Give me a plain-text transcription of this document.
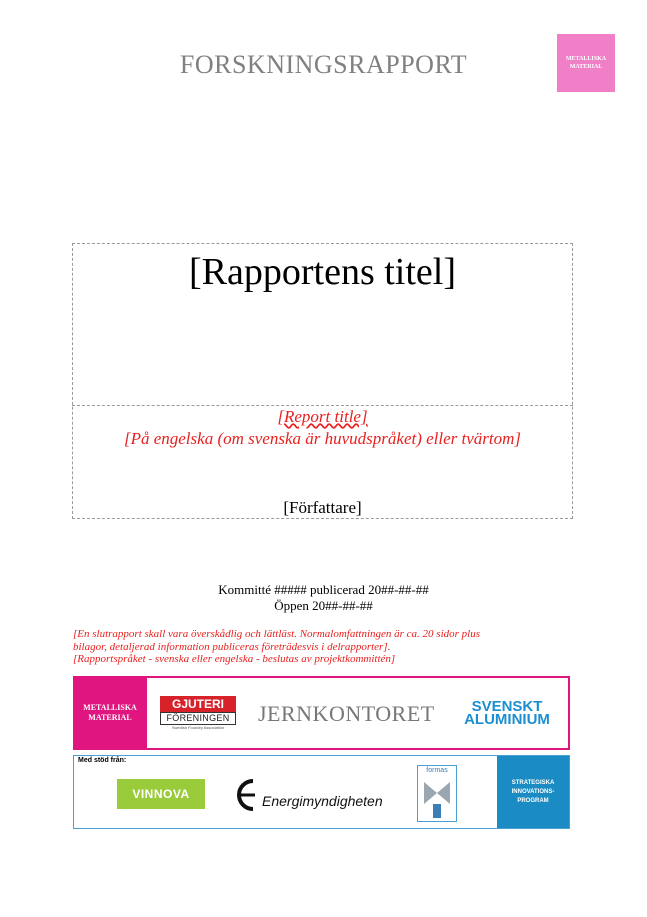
FORSKNINGSRAPPORT	METALLISKA MATERIAL
[Rapportens titel]
[Report title]
[På engelska (om svenska är huvudspråket) eller tvärtom]
[Författare]
Kommitté ##### publicerad 20##-##-##
Öppen 20##-##-##
[En slutrapport skall vara överskådlig och lättläst. Normalomfattningen är ca. 20 sidor plus
bilagor, detaljerad information publiceras företrädesvis i delrapporter].
[Rapportspråket - svenska eller engelska - beslutas av projektkommittén]
METALLISKA MATERIAL
GJUTERI
FÖRENINGEN
Swedish Foundry Association
JERNKONTORET	SVENSKT
ALUMINIUM
Med stöd från:
VINNOVA	Energimyndigheten
formas
STRATEGISKA
INNOVATIONS-
PROGRAM
